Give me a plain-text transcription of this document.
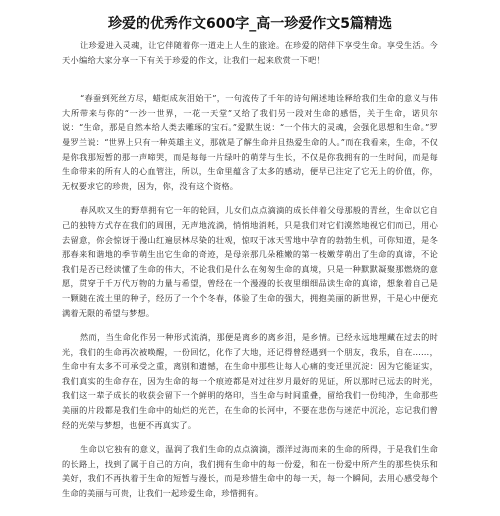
珍爱的优秀作文600字_高一珍爱作文5篇精选

让珍爱进入灵魂，让它伴随着你一道走上人生的旅途。在珍爱的陪伴下享受生命。享受生活。今天小编给大家分享一下有关于珍爱的作文，让我们一起来欣赏一下吧！

“春蚕到死丝方尽，蜡炬成灰泪始干”，一句流传了千年的诗句阐述地诠释给我们生命的意义与伟大所带来与你的“一沙一世界，一花一天堂”又给了我们另一段对生命的感悟，关于生命，诺贝尔说：“生命，那是自然本给人类去雕琢的宝石。”爱默生说：“一个伟大的灵魂，会强化思想和生命。”罗曼罗兰说：“世界上只有一种英雄主义，那就是了解生命并且热爱生命的人。”而在我看来，生命，不仅是你我那短暂的那一声啼哭，而是每每一片绿叶的萌芽与生长，不仅是你我拥有的一生时间，而是每生命带来的所有人的心血管注，所以，生命里蕴含了太多的感动，便早已注定了它无上的价值，你，无权要求它的珍贵，因为，你，没有这个资格。

春风吹又生的野草拥有它一年的轮回，儿女们点点滴滴的成长伴着父母那般的青丝，生命以它自己的独特方式存在我们的周围，无声地流淌，悄悄地消耗，只是我们对它们漠然地视它们而已，用心去留意，你会惊讶于漫山红遍层林尽染的壮观，惊叹于冰天雪地中孕育的勃勃生机，可你知道，是冬那春来和谐地的季节萌生出它生命的奇迹，是母亲那几朵稚嫩的第一枝嫩芽萌出了生命的真谛，不论我们是否已经读懂了生命的伟大，不论我们是什么在匆匆生命的真境，只是一种默默凝聚那燃烧的意愿，贯穿于千万代万物的力量与希望，曾经在一个漫漫的长夜里细细品读生命的真谛，想象着自己是一颗随在流土里的种子，经历了一个个冬春，体验了生命的强大，拥抱美丽的新世界，干是心中便充满着无限的希望与梦想。

然而，当生命化作另一种形式流淌，那便是离乡的离乡泪，是乡情。已经永远地埋藏在过去的时光，我们的生命再次被唤醒，一份回忆，化作了大地，还记得曾经遇到一个朋友，我乐，自在……，生命中有太多不可承受之重，离别和遗憾，在生命中那些让每人心痛的变迁里沉淀：因为它能证实，我们真实的生命存在，因为生命的每一个痕迹都是对过往岁月最好的见证，所以那时已远去的时光，我们这一辈子成长的收获会留下一个鲜明的烙印，当生命与时间重叠，留给我们一份纯净，生命那些美丽的片段都是我们生命中的灿烂的光芒，在生命的长河中，不要在悲伤与迷茫中沉沦，忘记我们曾经的光荣与梦想，也便不再真实了。

生命以它独有的意义，温润了我们生命的点点滴滴，漂洋过海而来的生命的所得，于是我们生命的长路上，找到了属于自己的方向，我们拥有生命中的每一份爱，和在一份爱中所产生的那些快乐和美好，我们不再执着于生命的短暂与漫长，而是珍惜生命中的每一天，每一个瞬间，去用心感受每个生命的美丽与可贵，让我们一起珍爱生命，珍惜拥有。
